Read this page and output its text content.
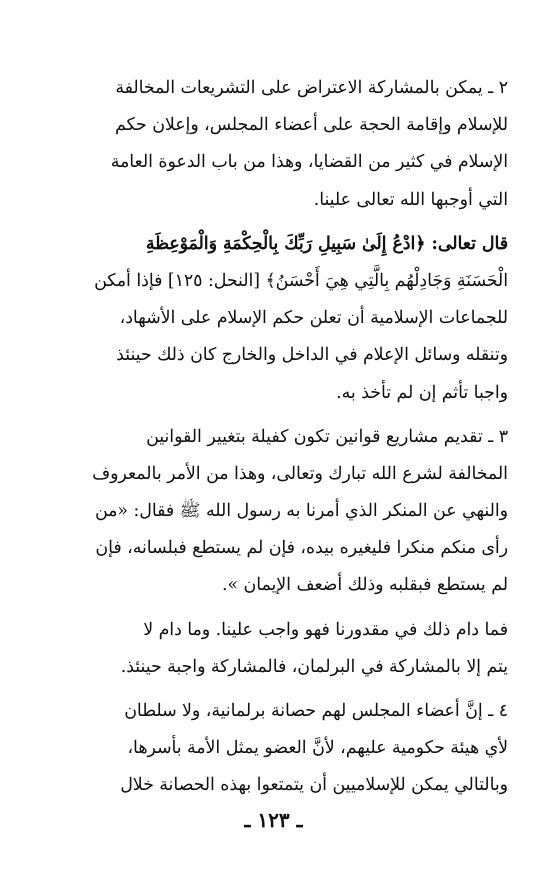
٢ ـ يمكن بالمشاركة الاعتراض على التشريعات المخالفة
للإسلام وإقامة الحجة على أعضاء المجلس، وإعلان حكم
الإسلام في كثير من القضايا، وهذا من باب الدعوة العامة
التي أوجبها الله تعالى علينا.

قال تعالى: ﴿ادْعُ إِلَىٰ سَبِيلِ رَبِّكَ بِالْحِكْمَةِ وَالْمَوْعِظَةِ
الْحَسَنَةِ وَجَادِلْهُم بِالَّتِي هِيَ أَحْسَنُ﴾ [النحل: ١٢٥] فإذا أمكن
للجماعات الإسلامية أن تعلن حكم الإسلام على الأشهاد،
وتنقله وسائل الإعلام في الداخل والخارج كان ذلك حينئذ
واجبا تأثم إن لم تأخذ به.

٣ ـ تقديم مشاريع قوانين تكون كفيلة بتغيير القوانين
المخالفة لشرع الله تبارك وتعالى، وهذا من الأمر بالمعروف
والنهي عن المنكر الذي أمرنا به رسول الله ﷺ فقال: «من
رأى منكم منكرا فليغيره بيده، فإن لم يستطع فبلسانه، فإن
لم يستطع فبقلبه وذلك أضعف الإيمان ».

فما دام ذلك في مقدورنا فهو واجب علينا. وما دام لا
يتم إلا بالمشاركة في البرلمان، فالمشاركة واجبة حينئذ.

٤ ـ إنَّ أعضاء المجلس لهم حصانة برلمانية، ولا سلطان
لأي هيئة حكومية عليهم، لأنَّ العضو يمثل الأمة بأسرها،
وبالتالي يمكن للإسلاميين أن يتمتعوا بهذه الحصانة خلال

ـ ١٢٣ ـ
